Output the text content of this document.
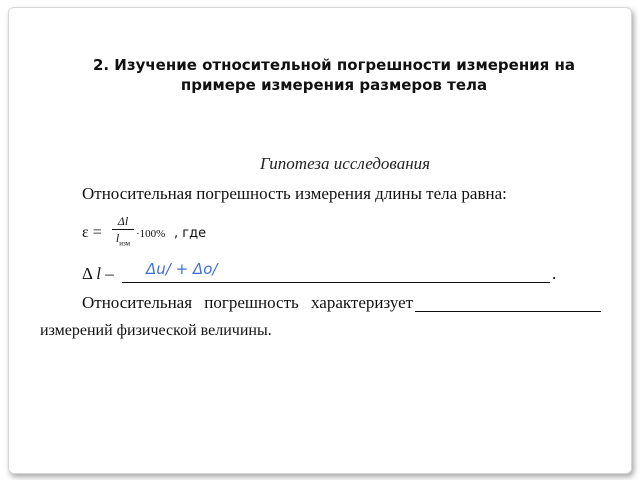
2. Изучение относительной погрешности измерения на
примере измерения размеров тела
Гипотеза исследования
Относительная погрешность измерения длины тела равна:
ε =
Δl
$l_{изм}$
·100% , где
Δ l – Δu/ + Δo/	.
Относительная погрешность характеризует
измерений физической величины.
